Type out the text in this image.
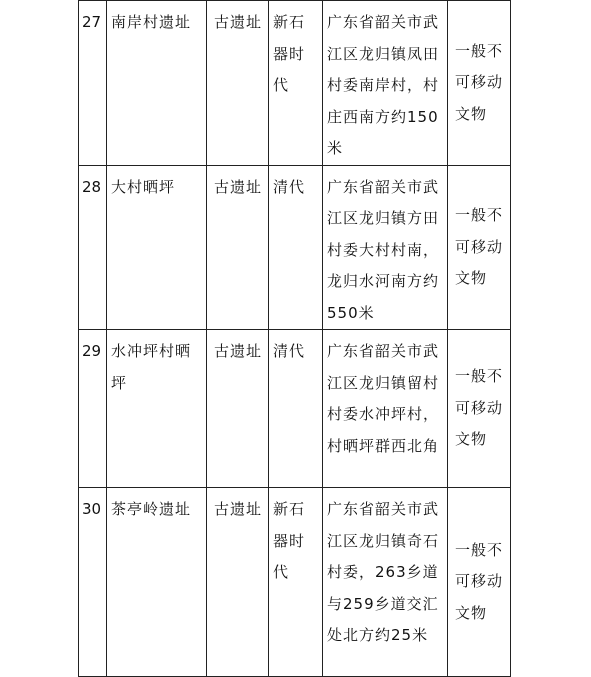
27	南岸村遗址	古遗址	新石器时代	广东省韶关市武江区龙归镇凤田村委南岸村，村庄西南方约150米	一般不可移动文物
28	大村晒坪	古遗址	清代	广东省韶关市武江区龙归镇方田村委大村村南，龙归水河南方约550米	一般不可移动文物
29	水冲坪村晒坪	古遗址	清代	广东省韶关市武江区龙归镇留村村委水冲坪村，村晒坪群西北角	一般不可移动文物
30	茶亭岭遗址	古遗址	新石器时代	广东省韶关市武江区龙归镇奇石村委，263乡道与259乡道交汇处北方约25米	一般不可移动文物
